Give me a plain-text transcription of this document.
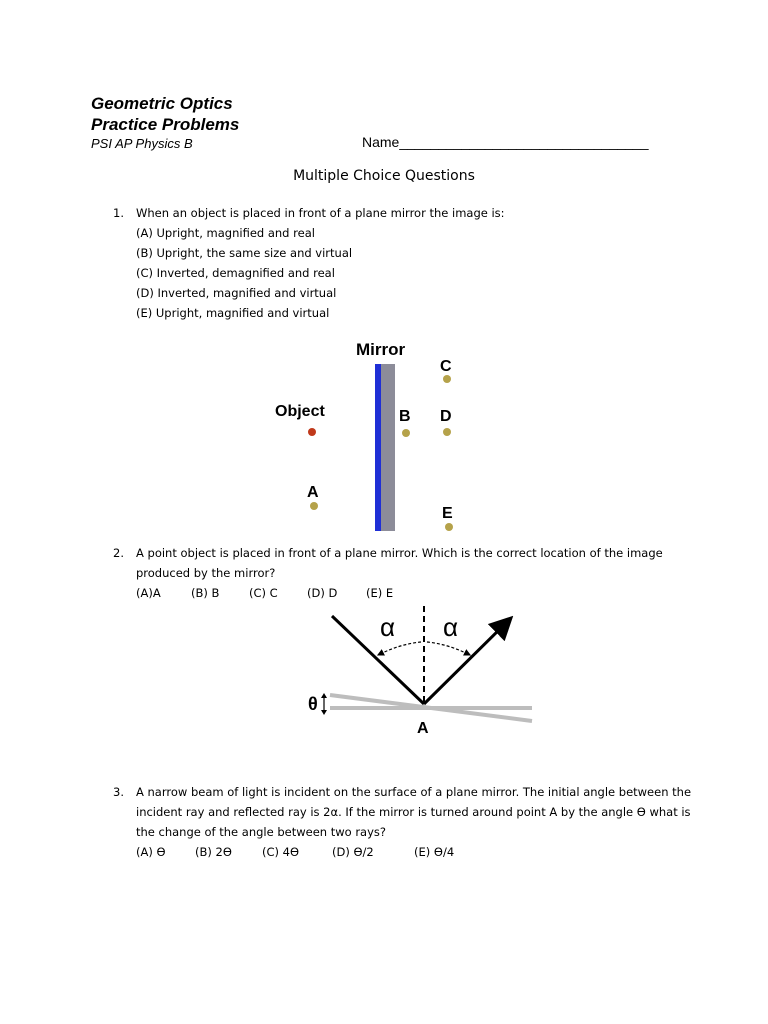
Geometric Optics
Practice Problems
PSI AP Physics B	Name________________________________
Multiple Choice Questions
1.	When an object is placed in front of a plane mirror the image is:
(A) Upright, magnified and real
(B) Upright, the same size and virtual
(C) Inverted, demagnified and real
(D) Inverted, magnified and virtual
(E) Upright, magnified and virtual
Mirror
Object
A
B
C
D
E
2.	A point object is placed in front of a plane mirror. Which is the correct location of the image
produced by the mirror?
(A)A	(B) B	(C) C	(D) D	(E) E
α α
θ
A
3.	A narrow beam of light is incident on the surface of a plane mirror. The initial angle between the
incident ray and reflected ray is 2α. If the mirror is turned around point A by the angle ϴ what is
the change of the angle between two rays?
(A) ϴ	(B) 2ϴ	(C) 4ϴ	(D) ϴ/2	(E) ϴ/4
